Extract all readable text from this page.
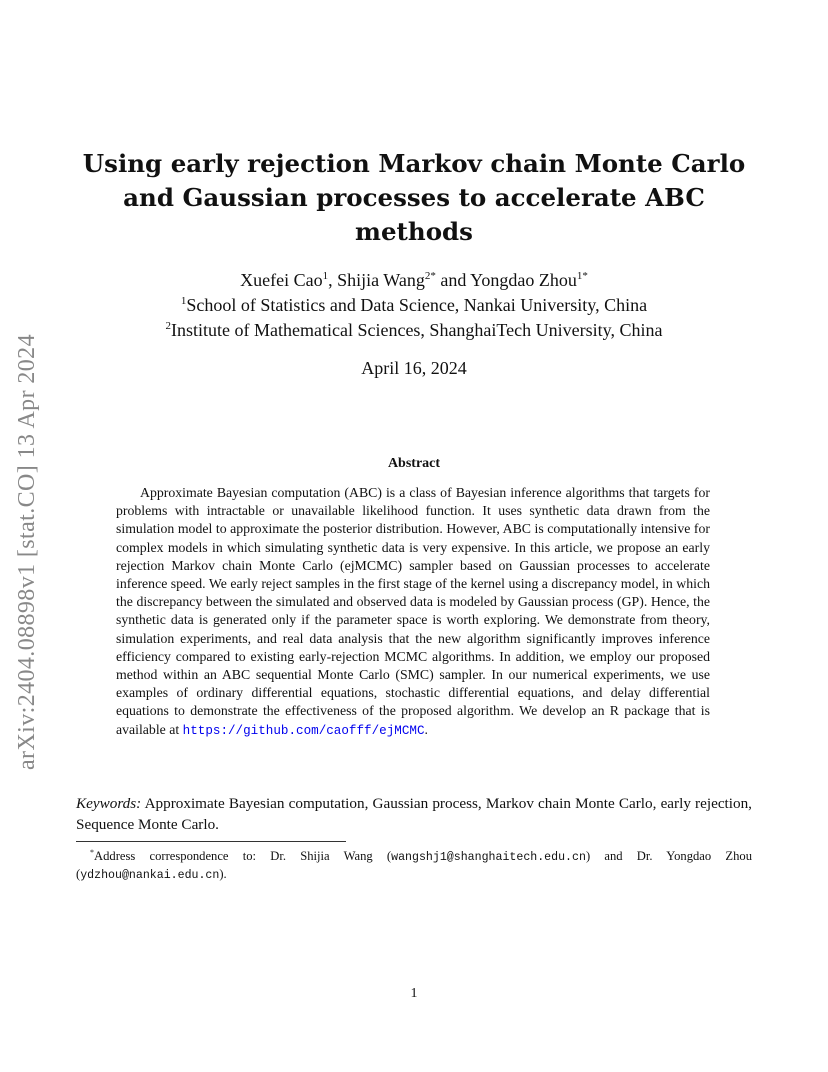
arXiv:2404.08898v1 [stat.CO] 13 Apr 2024
Using early rejection Markov chain Monte Carlo
and Gaussian processes to accelerate ABC
methods
Xuefei Cao$^1$, Shijia Wang$^{2*}$ and Yongdao Zhou$^{1*}$
$^1$School of Statistics and Data Science, Nankai University, China
$^2$Institute of Mathematical Sciences, ShanghaiTech University, China
April 16, 2024
Abstract

Approximate Bayesian computation (ABC) is a class of Bayesian inference algorithms that targets for problems with intractable or unavailable likelihood function. It uses synthetic data drawn from the simulation model to approximate the posterior distribution. However, ABC is computationally intensive for complex models in which simulating synthetic data is very expensive. In this article, we propose an early rejection Markov chain Monte Carlo (ejMCMC) sampler based on Gaussian processes to accelerate inference speed. We early reject samples in the first stage of the kernel using a discrepancy model, in which the discrepancy between the simulated and observed data is modeled by Gaussian process (GP). Hence, the synthetic data is generated only if the parameter space is worth exploring. We demonstrate from theory, simulation experiments, and real data analysis that the new algorithm significantly improves inference efficiency compared to existing early-rejection MCMC algorithms. In addition, we employ our proposed method within an ABC sequential Monte Carlo (SMC) sampler. In our numerical experiments, we use examples of ordinary differential equations, stochastic differential equations, and delay differential equations to demonstrate the effectiveness of the proposed algorithm. We develop an R package that is available at https://github.com/caofff/ejMCMC.

Keywords: Approximate Bayesian computation, Gaussian process, Markov chain Monte Carlo, early rejection, Sequence Monte Carlo.

*Address correspondence to: Dr. Shijia Wang (wangshj1@shanghaitech.edu.cn) and Dr. Yongdao Zhou (ydzhou@nankai.edu.cn).

1
